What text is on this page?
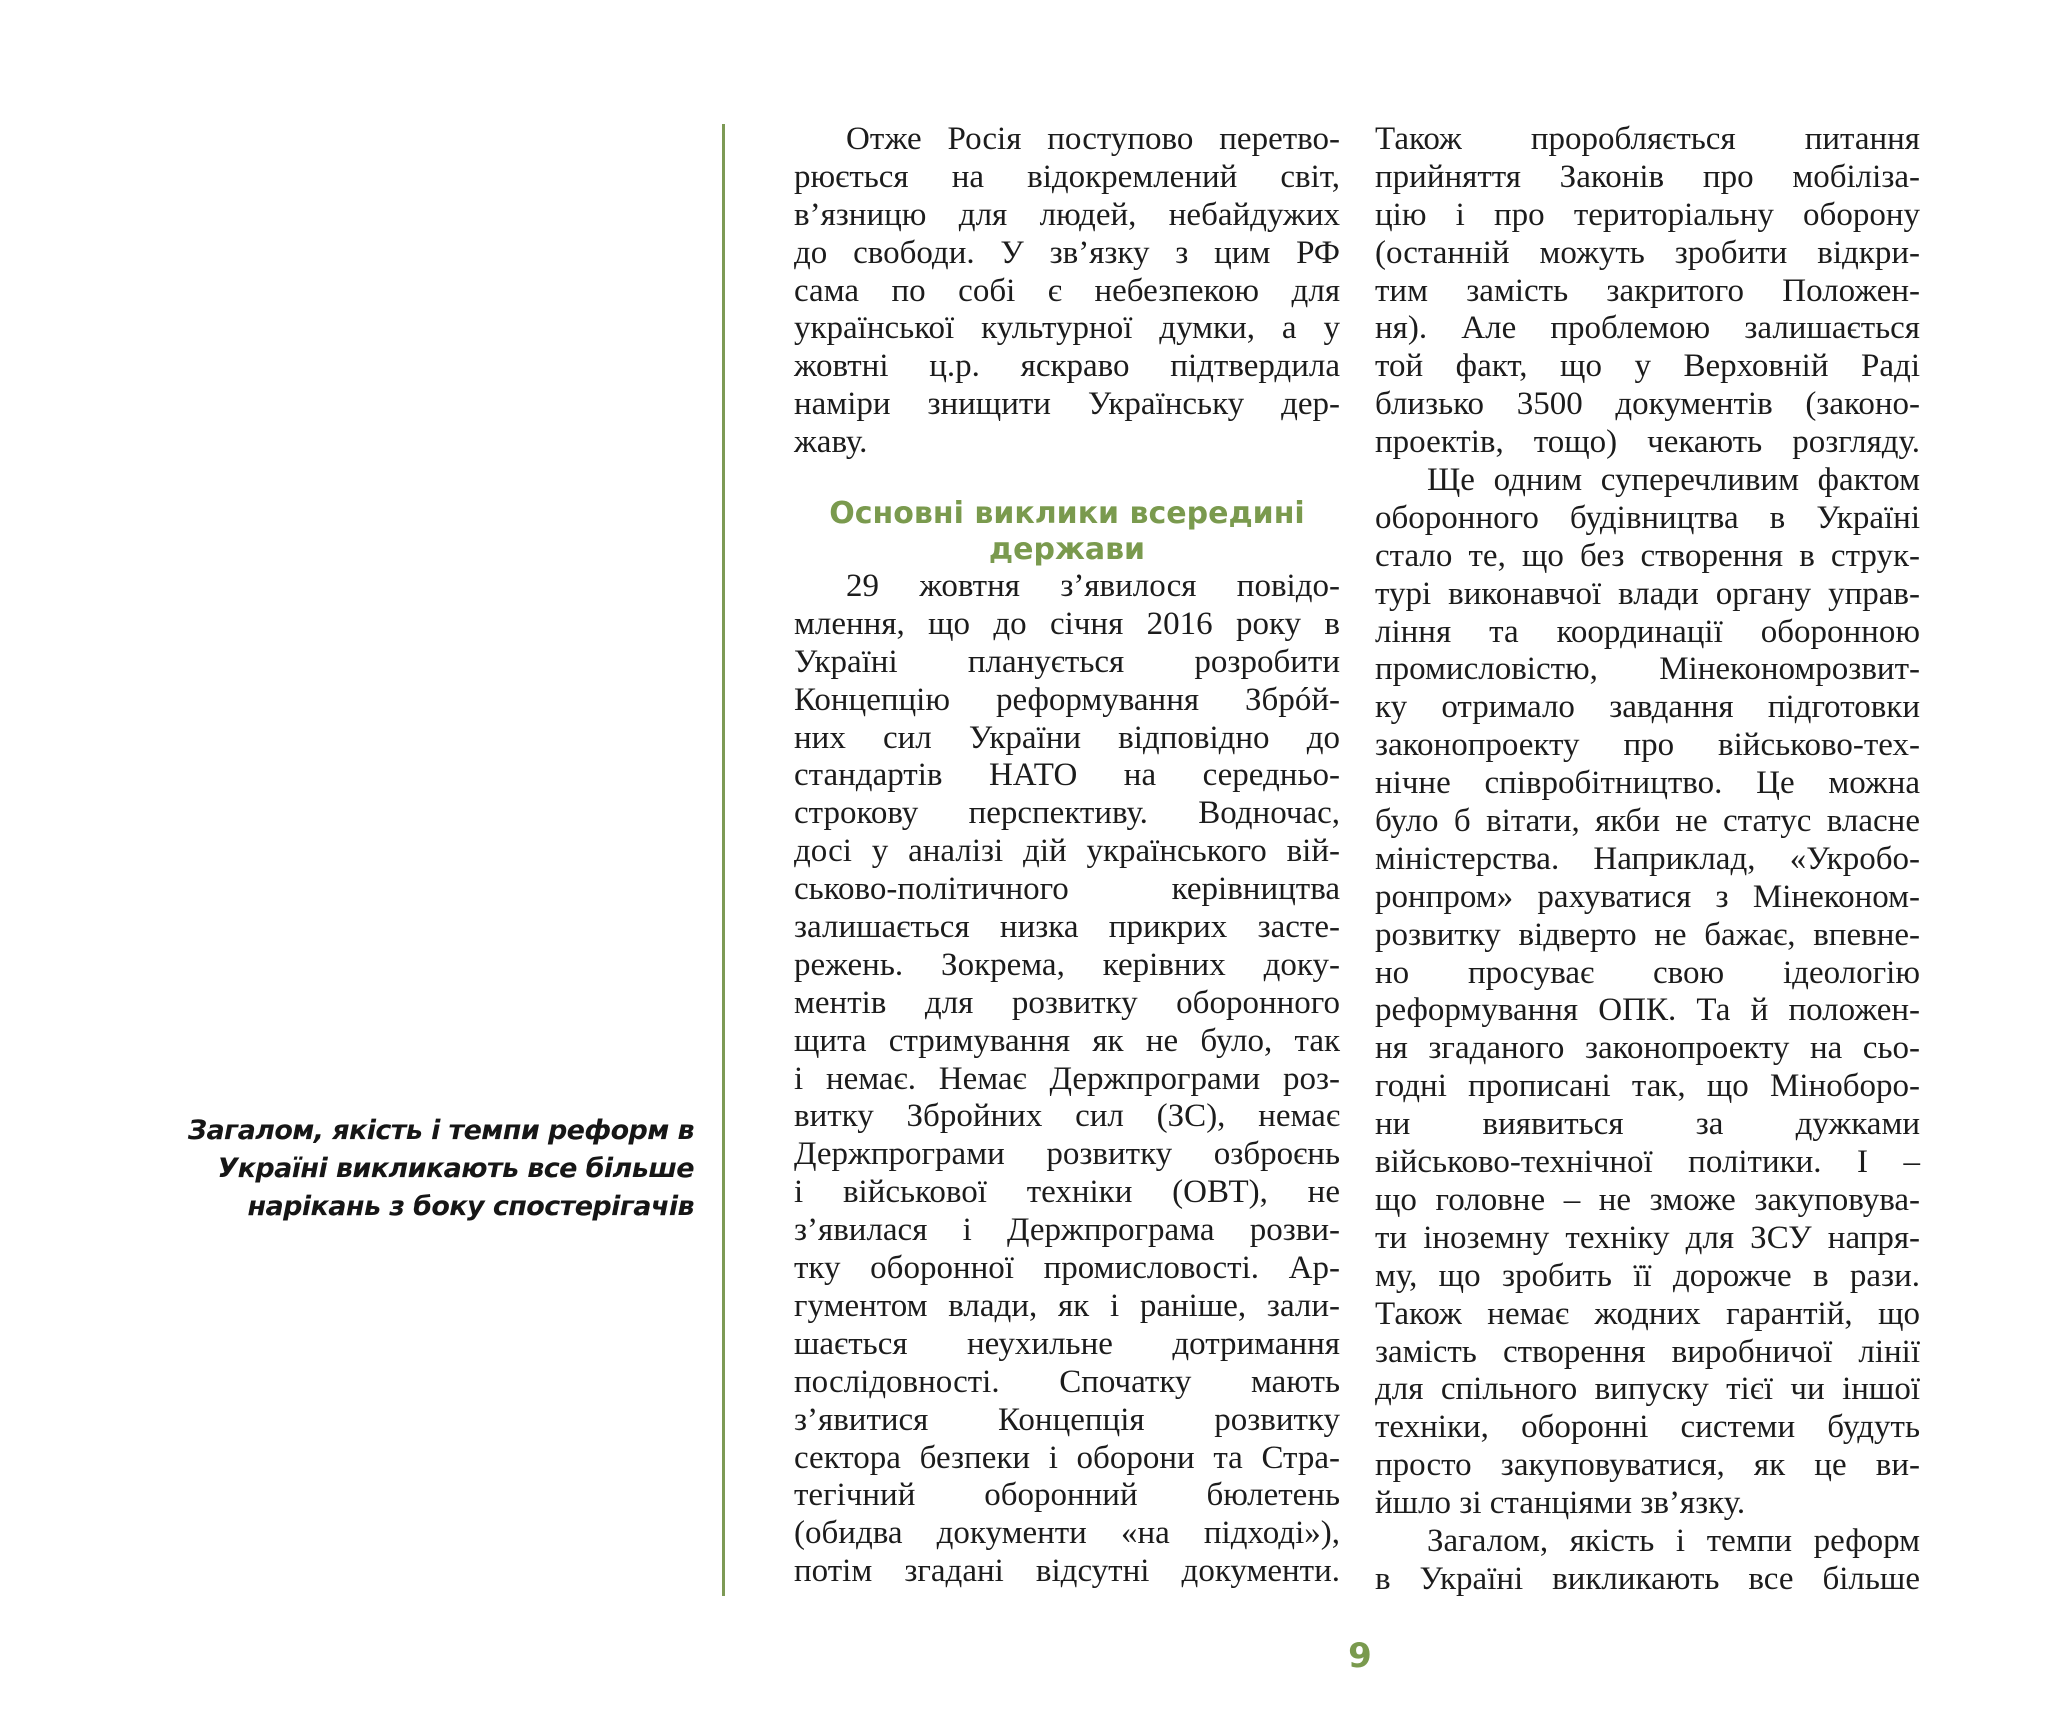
Загалом, якість і темпи реформ в
Україні викликають все більше
нарікань з боку спостерігачів
Отже Росія поступово перетво-
рюється на відокремлений світ,
в’язницю для людей, небайдужих
до свободи. У зв’язку з цим РФ
сама по собі є небезпекою для
української культурної думки, а у
жовтні ц.р. яскраво підтвердила
наміри знищити Українську дер-
жаву.
Основні виклики всередині
держави
29 жовтня з’явилося повідо-
млення, що до січня 2016 року в
Україні планується розробити
Концепцію реформування Збрóй-
них сил України відповідно до
стандартів НАТО на середньо-
строкову перспективу. Водночас,
досі у аналізі дій українського вій-
ськово-політичного керівництва
залишається низка прикрих засте-
режень. Зокрема, керівних доку-
ментів для розвитку оборонного
щита стримування як не було, так
і немає. Немає Держпрограми роз-
витку Збройних сил (ЗС), немає
Держпрограми розвитку озброєнь
і військової техніки (ОВТ), не
з’явилася і Держпрограма розви-
тку оборонної промисловості. Ар-
гументом влади, як і раніше, зали-
шається неухильне дотримання
послідовності. Спочатку мають
з’явитися Концепція розвитку
сектора безпеки і оборони та Стра-
тегічний оборонний бюлетень
(обидва документи «на підході»),
потім згадані відсутні документи.
Також проробляється питання
прийняття Законів про мобіліза-
цію і про територіальну оборону
(останній можуть зробити відкри-
тим замість закритого Положен-
ня). Але проблемою залишається
той факт, що у Верховній Раді
близько 3500 документів (законо-
проектів, тощо) чекають розгляду.
Ще одним суперечливим фактом
оборонного будівництва в Україні
стало те, що без створення в струк-
турі виконавчої влади органу управ-
ління та координації оборонною
промисловістю, Мінекономрозвит-
ку отримало завдання підготовки
законопроекту про військово-тех-
нічне співробітництво. Це можна
було б вітати, якби не статус власне
міністерства. Наприклад, «Укробо-
ронпром» рахуватися з Мінеконом-
розвитку відверто не бажає, впевне-
но просуває свою ідеологію
реформування ОПК. Та й положен-
ня згаданого законопроекту на сьо-
годні прописані так, що Міноборо-
ни виявиться за дужками
військово-технічної політики. І –
що головне – не зможе закуповува-
ти іноземну техніку для ЗСУ напря-
му, що зробить її дорожче в рази.
Також немає жодних гарантій, що
замість створення виробничої лінії
для спільного випуску тієї чи іншої
техніки, оборонні системи будуть
просто закуповуватися, як це ви-
йшло зі станціями зв’язку.
Загалом, якість і темпи реформ
в Україні викликають все більше
9
